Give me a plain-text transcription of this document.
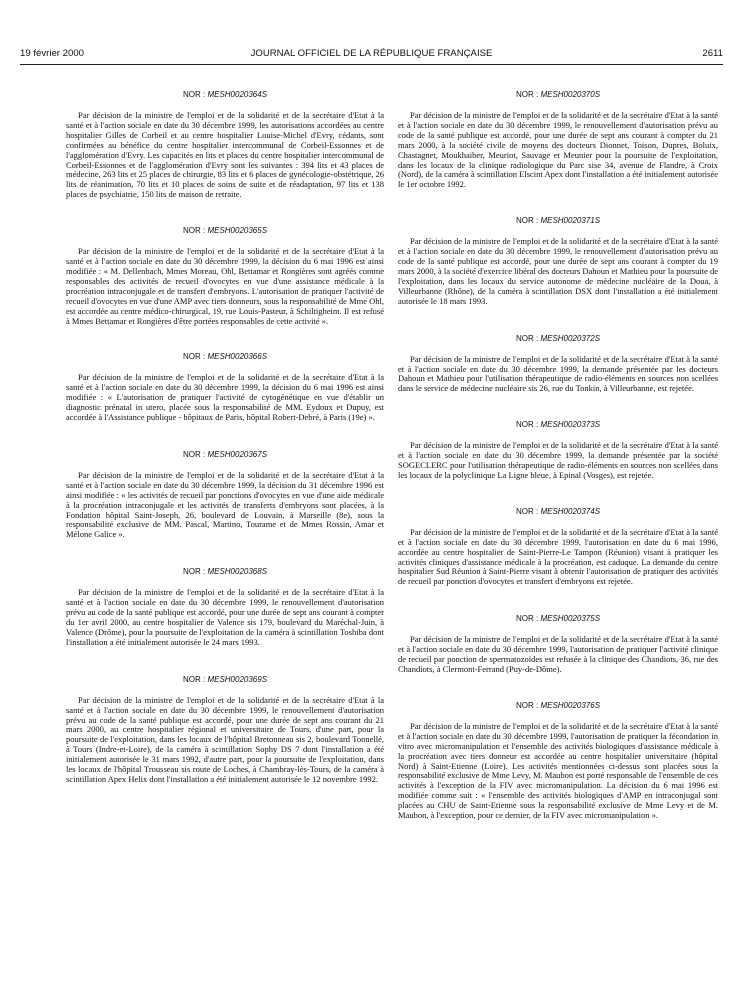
19 février 2000	JOURNAL OFFICIEL DE LA RÉPUBLIQUE FRANÇAISE	2611
NOR : MESH0020364S

Par décision de la ministre de l'emploi et de la solidarité et de la secrétaire d'Etat à la santé et à l'action sociale en date du 30 décembre 1999, les autorisations accordées au centre hospitalier Gilles de Corbeil et au centre hospitalier Louise-Michel d'Evry, cédants, sont confirmées au bénéfice du centre hospitalier intercommunal de Corbeil-Essonnes et de l'agglomération d'Evry. Les capacités en lits et places du centre hospitalier intercommunal de Corbeil-Essonnes et de l'agglomération d'Evry sont les suivantes : 394 lits et 43 places de médecine, 263 lits et 25 places de chirurgie, 83 lits et 6 places de gynécologie-obstétrique, 26 lits de réanimation, 70 lits et 10 places de soins de suite et de réadaptation, 97 lits et 138 places de psychiatrie, 150 lits de maison de retraite.

NOR : MESH0020365S

Par décision de la ministre de l'emploi et de la solidarité et de la secrétaire d'Etat à la santé et à l'action sociale en date du 30 décembre 1999, la décision du 6 mai 1996 est ainsi modifiée : « M. Dellenbach, Mmes Moreau, Ohl, Bettamar et Rongières sont agréés comme responsables des activités de recueil d'ovocytes en vue d'une assistance médicale à la procréation intraconjugale et de transfert d'embryons. L'autorisation de pratiquer l'activité de recueil d'ovocytes en vue d'une AMP avec tiers donneurs, sous la responsabilité de Mme Ohl, est accordée au centre médico-chirurgical, 19, rue Louis-Pasteur, à Schiltigheim. Il est refusé à Mmes Bettamar et Rongières d'être portées responsables de cette activité ».

NOR : MESH0020366S

Par décision de la ministre de l'emploi et de la solidarité et de la secrétaire d'Etat à la santé et à l'action sociale en date du 30 décembre 1999, la décision du 6 mai 1996 est ainsi modifiée : « L'autorisation de pratiquer l'activité de cytogénétique en vue d'établir un diagnostic prénatal in utero, placée sous la responsabilité de MM. Eydoux et Dupuy, est accordée à l'Assistance publique - hôpitaux de Paris, hôpital Robert-Debré, à Paris (19e) ».

NOR : MESH0020367S

Par décision de la ministre de l'emploi et de la solidarité et de la secrétaire d'Etat à la santé et à l'action sociale en date du 30 décembre 1999, la décision du 31 décembre 1996 est ainsi modifiée : « les activités de recueil par ponctions d'ovocytes en vue d'une aide médicale à la procréation intraconjugale et les activités de transferts d'embryons sont placées, à la Fondation hôpital Saint-Joseph, 26, boulevard de Louvain, à Marseille (8e), sous la responsabilité exclusive de MM. Pascal, Martino, Tourame et de Mmes Rossin, Amar et Mélone Galice ».

NOR : MESH0020368S

Par décision de la ministre de l'emploi et de la solidarité et de la secrétaire d'Etat à la santé et à l'action sociale en date du 30 décembre 1999, le renouvellement d'autorisation prévu au code de la santé publique est accordé, pour une durée de sept ans courant à compter du 1er avril 2000, au centre hospitalier de Valence sis 179, boulevard du Maréchal-Juin, à Valence (Drôme), pour la poursuite de l'exploitation de la caméra à scintillation Toshiba dont l'installation a été initialement autorisée le 24 mars 1993.

NOR : MESH0020369S

Par décision de la ministre de l'emploi et de la solidarité et de la secrétaire d'Etat à la santé et à l'action sociale en date du 30 décembre 1999, le renouvellement d'autorisation prévu au code de la santé publique est accordé, pour une durée de sept ans courant du 21 mars 2000, au centre hospitalier régional et universitaire de Tours, d'une part, pour la poursuite de l'exploitation, dans les locaux de l'hôpital Bretonneau sis 2, boulevard Tonnellé, à Tours (Indre-et-Loire), de la caméra à scintillation Sophy DS 7 dont l'installation a été initialement autorisée le 31 mars 1992, d'autre part, pour la poursuite de l'exploitation, dans les locaux de l'hôpital Trousseau sis route de Loches, à Chambray-lès-Tours, de la caméra à scintillation Apex Helix dont l'installation a été initialement autorisée le 12 novembre 1992.

NOR : MESH0020370S

Par décision de la ministre de l'emploi et de la solidarité et de la secrétaire d'Etat à la santé et à l'action sociale en date du 30 décembre 1999, le renouvellement d'autorisation prévu au code de la santé publique est accordé, pour une durée de sept ans courant à compter du 21 mars 2000, à la société civile de moyens des docteurs Dionnet, Toison, Dupres, Boluix, Chastagnet, Moukhaiber, Meuriot, Sauvage et Meunier pour la poursuite de l'exploitation, dans les locaux de la clinique radiologique du Parc sise 34, avenue de Flandre, à Croix (Nord), de la caméra à scintillation Elscint Apex dont l'installation a été initialement autorisée le 1er octobre 1992.

NOR : MESH0020371S

Par décision de la ministre de l'emploi et de la solidarité et de la secrétaire d'Etat à la santé et à l'action sociale en date du 30 décembre 1999, le renouvellement d'autorisation prévu au code de la santé publique est accordé, pour une durée de sept ans courant à compter du 19 mars 2000, à la société d'exercice libéral des docteurs Dahoun et Mathieu pour la poursuite de l'exploitation, dans les locaux du service autonome de médecine nucléaire de la Doua, à Villeurbanne (Rhône), de la caméra à scintillation DSX dont l'installation a été initialement autorisée le 18 mars 1993.

NOR : MESH0020372S

Par décision de la ministre de l'emploi et de la solidarité et de la secrétaire d'Etat à la santé et à l'action sociale en date du 30 décembre 1999, la demande présentée par les docteurs Dahoun et Mathieu pour l'utilisation thérapeutique de radio-éléments en sources non scellées dans le service de médecine nucléaire sis 26, rue du Tonkin, à Villeurbanne, est rejetée.

NOR : MESH0020373S

Par décision de la ministre de l'emploi et de la solidarité et de la secrétaire d'Etat à la santé et à l'action sociale en date du 30 décembre 1999, la demande présentée par la société SOGECLERC pour l'utilisation thérapeutique de radio-éléments en sources non scellées dans les locaux de la polyclinique La Ligne bleue, à Epinal (Vosges), est rejetée.

NOR : MESH0020374S

Par décision de la ministre de l'emploi et de la solidarité et de la secrétaire d'Etat à la santé et à l'action sociale en date du 30 décembre 1999, l'autorisation en date du 6 mai 1996, accordée au centre hospitalier de Saint-Pierre-Le Tampon (Réunion) visant à pratiquer les activités cliniques d'assistance médicale à la procréation, est caduque. La demande du centre hospitalier Sud Réunion à Saint-Pierre visant à obtenir l'autorisation de pratiquer des activités de recueil par ponction d'ovocytes et transfert d'embryons est rejetée.

NOR : MESH0020375S

Par décision de la ministre de l'emploi et de la solidarité et de la secrétaire d'Etat à la santé et à l'action sociale en date du 30 décembre 1999, l'autorisation de pratiquer l'activité clinique de recueil par ponction de spermatozoïdes est refusée à la clinique des Chandiots, 36, rue des Chandiots, à Clermont-Ferrand (Puy-de-Dôme).

NOR : MESH0020376S

Par décision de la ministre de l'emploi et de la solidarité et de la secrétaire d'Etat à la santé et à l'action sociale en date du 30 décembre 1999, l'autorisation de pratiquer la fécondation in vitro avec micromanipulation et l'ensemble des activités biologiques d'assistance médicale à la procréation avec tiers donneur est accordée au centre hospitalier universitaire (hôpital Nord) à Saint-Etienne (Loire). Les activités mentionnées ci-dessus sont placées sous la responsabilité exclusive de Mme Levy, M. Maubon est porté responsable de l'ensemble de ces activités à l'exception de la FIV avec micromanipulation. La décision du 6 mai 1996 est modifiée comme suit : « l'ensemble des activités biologiques d'AMP en intraconjugal sont placées au CHU de Saint-Etienne sous la responsabilité exclusive de Mme Levy et de M. Maubon, à l'exception, pour ce dernier, de la FIV avec micromanipulation ».
